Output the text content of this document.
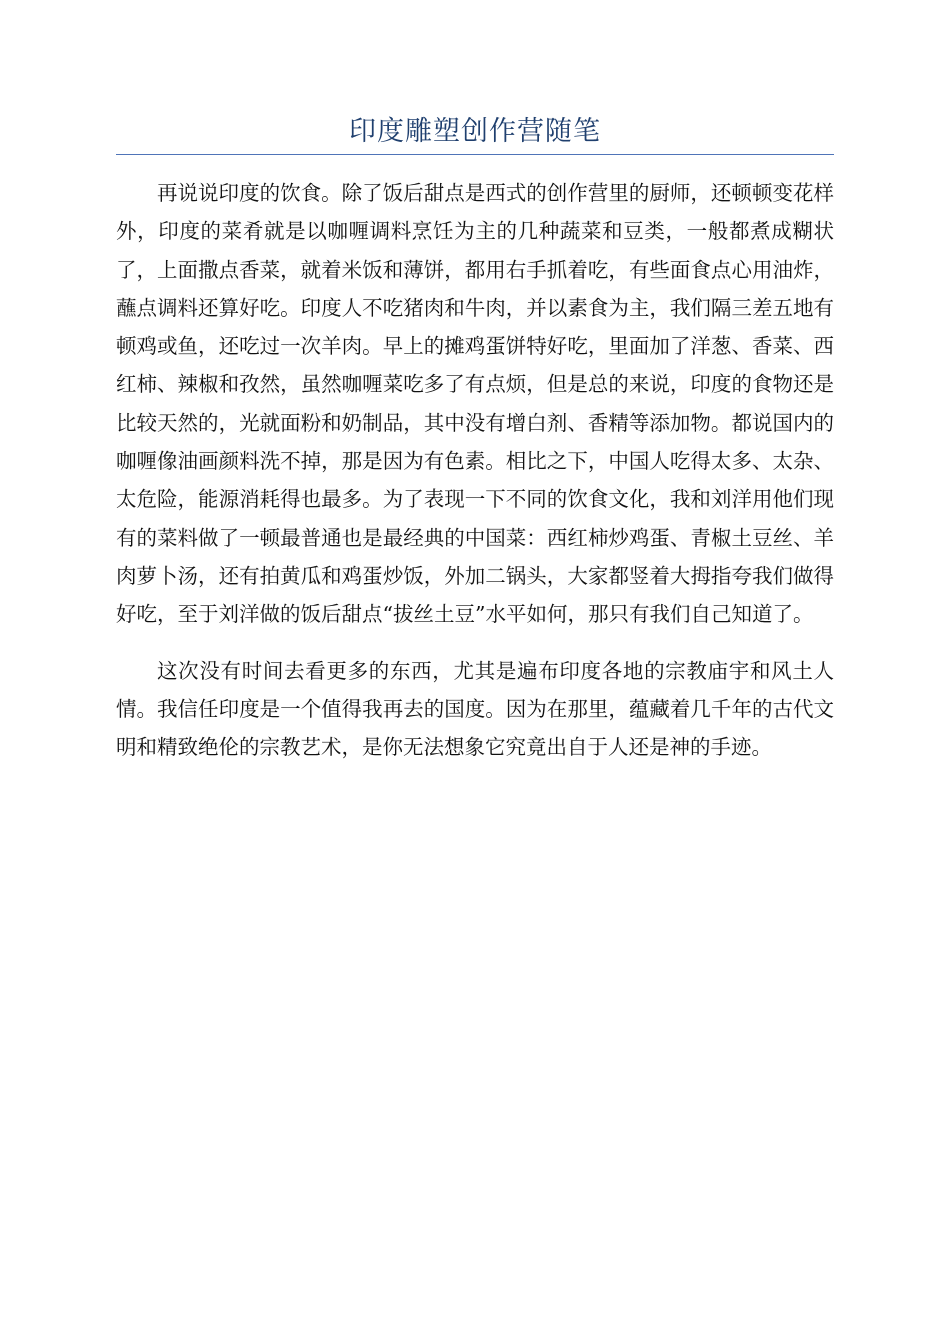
印度雕塑创作营随笔

再说说印度的饮食。除了饭后甜点是西式的创作营里的厨师，还顿顿变花样外，印度的菜肴就是以咖喱调料烹饪为主的几种蔬菜和豆类，一般都煮成糊状了，上面撒点香菜，就着米饭和薄饼，都用右手抓着吃，有些面食点心用油炸，蘸点调料还算好吃。印度人不吃猪肉和牛肉，并以素食为主，我们隔三差五地有顿鸡或鱼，还吃过一次羊肉。早上的摊鸡蛋饼特好吃，里面加了洋葱、香菜、西红柿、辣椒和孜然，虽然咖喱菜吃多了有点烦，但是总的来说，印度的食物还是比较天然的，光就面粉和奶制品，其中没有增白剂、香精等添加物。都说国内的咖喱像油画颜料洗不掉，那是因为有色素。相比之下，中国人吃得太多、太杂、太危险，能源消耗得也最多。为了表现一下不同的饮食文化，我和刘洋用他们现有的菜料做了一顿最普通也是最经典的中国菜：西红柿炒鸡蛋、青椒土豆丝、羊肉萝卜汤，还有拍黄瓜和鸡蛋炒饭，外加二锅头，大家都竖着大拇指夸我们做得好吃，至于刘洋做的饭后甜点“拔丝土豆”水平如何，那只有我们自己知道了。

这次没有时间去看更多的东西，尤其是遍布印度各地的宗教庙宇和风土人情。我信任印度是一个值得我再去的国度。因为在那里，蕴藏着几千年的古代文明和精致绝伦的宗教艺术，是你无法想象它究竟出自于人还是神的手迹。
